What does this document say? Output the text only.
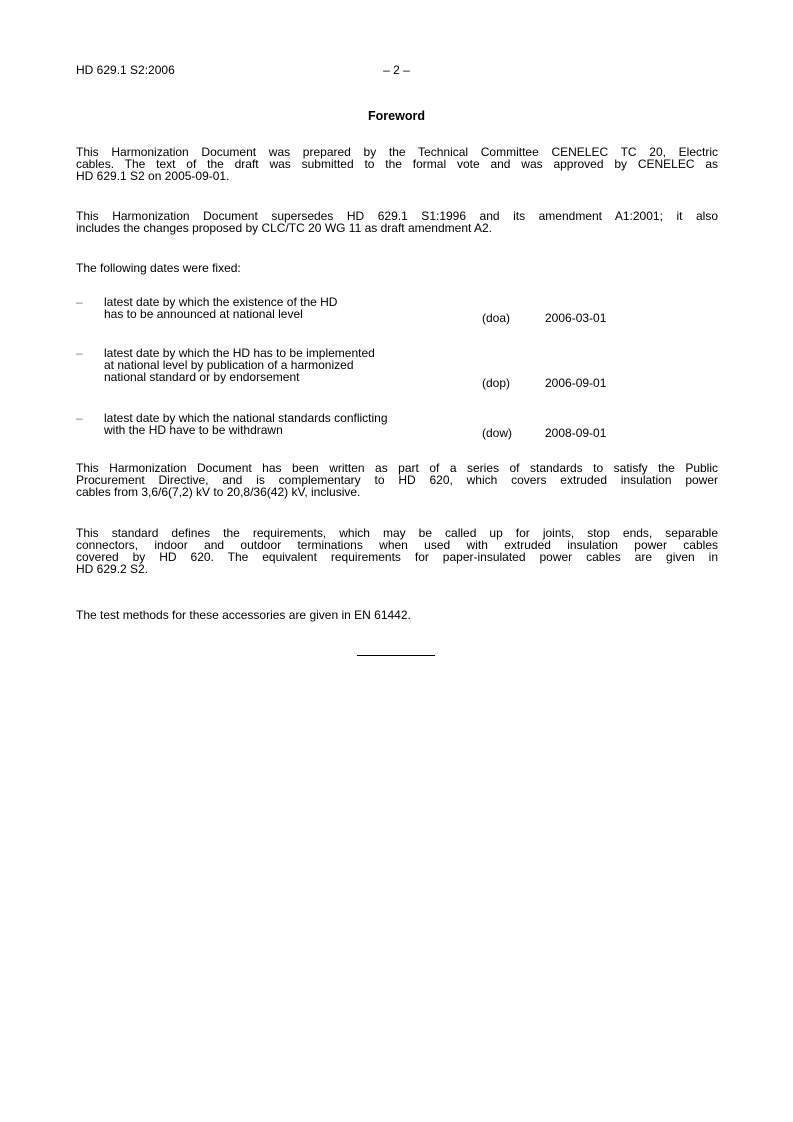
HD 629.1 S2:2006	– 2 –
Foreword
This Harmonization Document was prepared by the Technical Committee CENELEC TC 20, Electric
cables. The text of the draft was submitted to the formal vote and was approved by CENELEC as
HD 629.1 S2 on 2005-09-01.
This Harmonization Document supersedes HD 629.1 S1:1996 and its amendment A1:2001; it also
includes the changes proposed by CLC/TC 20 WG 11 as draft amendment A2.
The following dates were fixed:
– latest date by which the existence of the HD
has to be announced at national level	(doa)	2006-03-01
– latest date by which the HD has to be implemented
at national level by publication of a harmonized
national standard or by endorsement	(dop)	2006-09-01
– latest date by which the national standards conflicting
with the HD have to be withdrawn	(dow)	2008-09-01
This Harmonization Document has been written as part of a series of standards to satisfy the Public
Procurement Directive, and is complementary to HD 620, which covers extruded insulation power
cables from 3,6/6(7,2) kV to 20,8/36(42) kV, inclusive.
This standard defines the requirements, which may be called up for joints, stop ends, separable
connectors, indoor and outdoor terminations when used with extruded insulation power cables
covered by HD 620. The equivalent requirements for paper-insulated power cables are given in
HD 629.2 S2.
The test methods for these accessories are given in EN 61442.
